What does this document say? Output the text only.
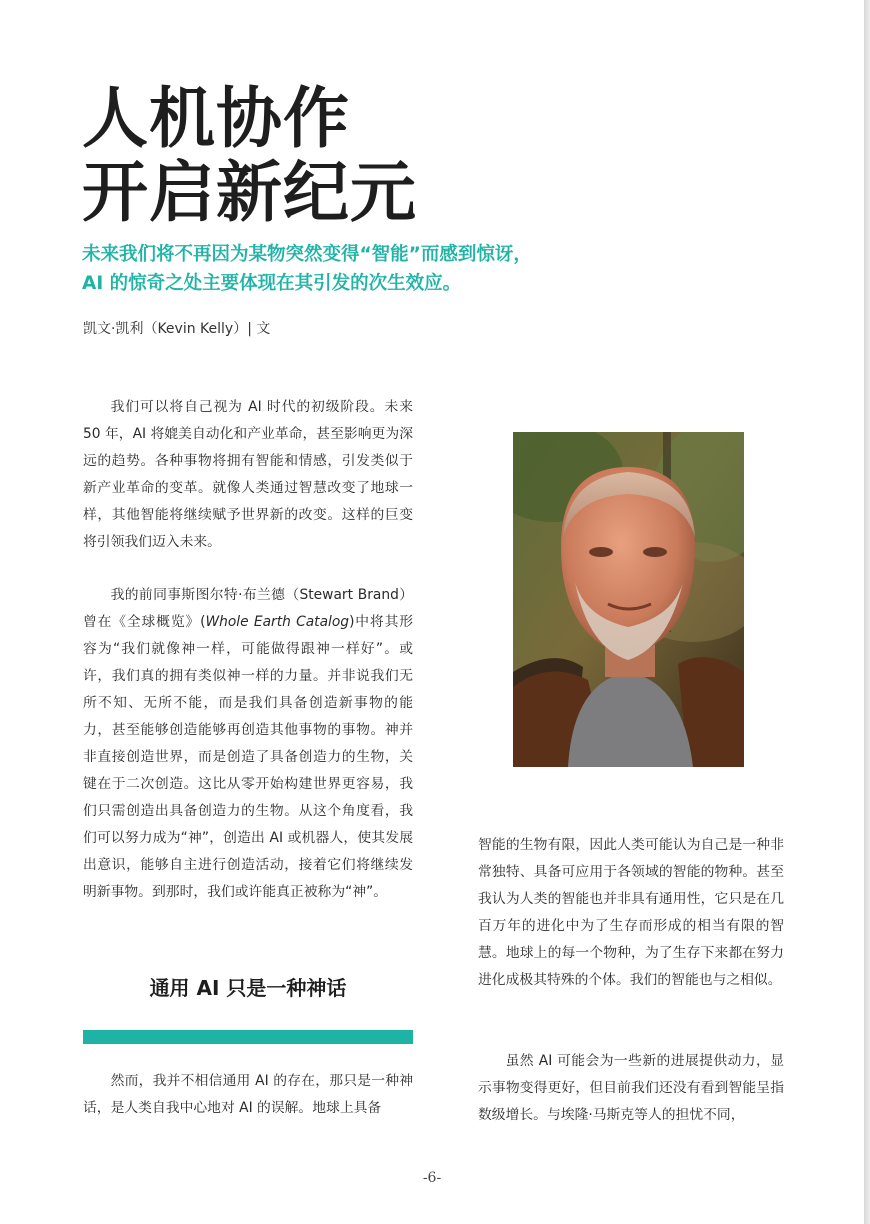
人机协作
开启新纪元

未来我们将不再因为某物突然变得“智能”而感到惊讶，
AI 的惊奇之处主要体现在其引发的次生效应。

凯文·凯利（Kevin Kelly）| 文

我们可以将自己视为 AI 时代的初级阶段。未来 50 年，AI 将媲美自动化和产业革命，甚至影响更为深远的趋势。各种事物将拥有智能和情感，引发类似于新产业革命的变革。就像人类通过智慧改变了地球一样，其他智能将继续赋予世界新的改变。这样的巨变将引领我们迈入未来。

我的前同事斯图尔特·布兰德（Stewart Brand）曾在《全球概览》(Whole Earth Catalog)中将其形容为“我们就像神一样，可能做得跟神一样好”。或许，我们真的拥有类似神一样的力量。并非说我们无所不知、无所不能，而是我们具备创造新事物的能力，甚至能够创造能够再创造其他事物的事物。神并非直接创造世界，而是创造了具备创造力的生物，关键在于二次创造。这比从零开始构建世界更容易，我们只需创造出具备创造力的生物。从这个角度看，我们可以努力成为“神”，创造出 AI 或机器人，使其发展出意识，能够自主进行创造活动，接着它们将继续发明新事物。到那时，我们或许能真正被称为“神”。

通用 AI 只是一种神话

然而，我并不相信通用 AI 的存在，那只是一种神话，是人类自我中心地对 AI 的误解。地球上具备

智能的生物有限，因此人类可能认为自己是一种非常独特、具备可应用于各领域的智能的物种。甚至我认为人类的智能也并非具有通用性，它只是在几百万年的进化中为了生存而形成的相当有限的智慧。地球上的每一个物种，为了生存下来都在努力进化成极其特殊的个体。我们的智能也与之相似。

虽然 AI 可能会为一些新的进展提供动力，显示事物变得更好，但目前我们还没有看到智能呈指数级增长。与埃隆·马斯克等人的担忧不同，

-6-
